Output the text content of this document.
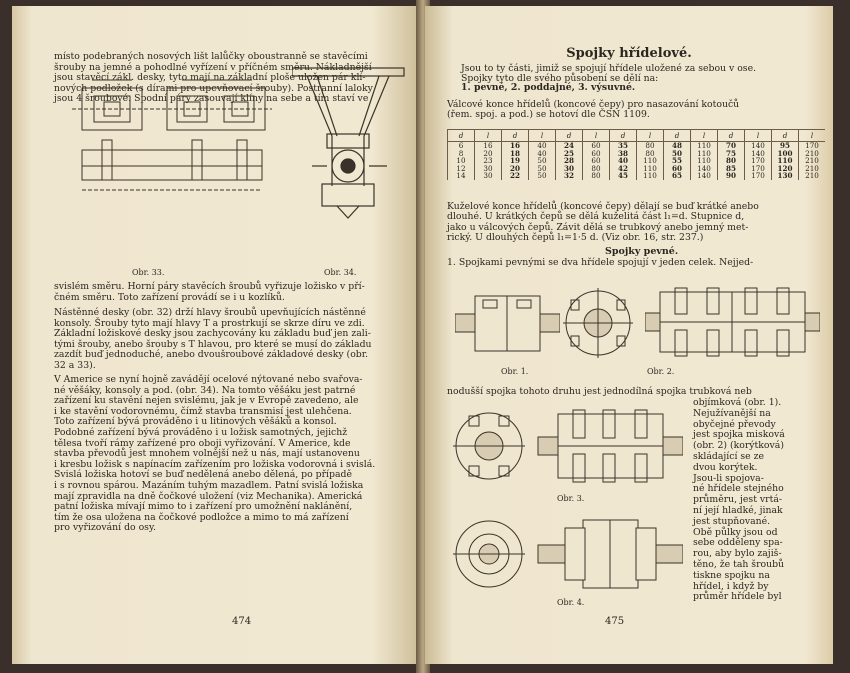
místo podebraných nosových lišt lalůčky oboustranně se stavěcími
šrouby na jemné a pohodlné vyřízení v příčném směru. Nákladnější
jsou stavěcí zákl. desky, tyto mají na základní ploše uložen pár klí-
nových podložek (s dírami pro upevňovací šrouby). Postranní laloky
jsou 4 šroubové. Spodní páry zasouvají klíny na sebe a tím staví ve
Obr. 33.	Obr. 34.
svislém směru. Horní páry stavěcích šroubů vyřizuje ložisko v pří-
čném směru. Toto zařízení provádí se i u kozlíků.
Nástěnné desky (obr. 32) drží hlavy šroubů upevňujících nástěnné
konsoly. Šrouby tyto mají hlavy T a prostrkují se skrze díru ve zdi.
Základní ložiskové desky jsou zachycovány ku základu buď jen zali-
tými šrouby, anebo šrouby s T hlavou, pro které se musí do základu
zazdít buď jednoduché, anebo dvoušroubové základové desky (obr.
32 a 33).
V Americe se nyní hojně zavádějí ocelové nýtované nebo svařova-
né věšáky, konsoly a pod. (obr. 34). Na tomto věšáku jest patrné
zařízení ku stavění nejen svislému, jak je v Evropě zavedeno, ale
i ke stavění vodorovnému, čímž stavba transmisí jest ulehčena.
Toto zařízení bývá prováděno i u litinových věšáků a konsol.
Podobné zařízení bývá prováděno i u ložisk samotných, jejichž
tělesa tvoří rámy zařízené pro oboji vyřizování. V Americe, kde
stavba převodů jest mnohem volnější než u nás, mají ustanovenu
i kresbu ložisk s napínacím zařízením pro ložiska vodorovná i svislá.
Svislá ložiska hotoví se buď nedělená anebo dělená, po případě
i s rovnou spárou. Mazáním tuhým mazadlem. Patní svislá ložiska
mají zpravidla na dně čočkové uložení (viz Mechanika). Americká
patní ložiska mívají mimo to i zařízení pro umožnění naklánění,
tím že osa uložena na čočkové podložce a mimo to má zařízení
pro vyřizování do osy.
474
Spojky hřídelové.
Jsou to ty části, jimiž se spojují hřídele uložené za sebou v ose.
Spojky tyto dle svého působení se dělí na:
1. pevné, 2. poddajné, 3. výsuvné.
Válcové konce hřídelů (koncové čepy) pro nasazování kotoučů
(řem. spoj. a pod.) se hotoví dle ČSN 1109.
d	l	d	l	d	l	d	l	d	l	d	l	d	l
6	16	16	40	24	60	35	80	48	110	70	140	95	170
8	20	18	40	25	60	38	80	50	110	75	140	100	210
10	23	19	50	28	60	40	110	55	110	80	170	110	210
12	30	20	50	30	80	42	110	60	140	85	170	120	210
14	30	22	50	32	80	45	110	65	140	90	170	130	210
Kuželové konce hřídelů (koncové čepy) dělají se buď krátké anebo
dlouhé. U krátkých čepů se dělá kuželitá část l₁=d. Stupnice d,
jako u válcových čepů. Závit dělá se trubkový anebo jemný met-
rický. U dlouhých čepů l₁=1·5 d. (Viz obr. 16, str. 237.)
Spojky pevné.
1. Spojkami pevnými se dva hřídele spojují v jeden celek. Nejjed-
Obr. 1.	Obr. 2.
nodušší spojka tohoto druhu jest jednodílná spojka trubková neb
Obr. 3.
Obr. 4.
objímková (obr. 1).
Nejužívanější na
obyčejné převody
jest spojka misková
(obr. 2) (korýtková)
skládající se ze
dvou korýtek.
Jsou-li spojova-
né hřídele stejného
průměru, jest vrtá-
ní její hladké, jinak
jest stupňované.
Obě půlky jsou od
sebe odděleny spa-
rou, aby bylo zajiš-
těno, že tah šroubů
tiskne spojku na
hřídel, i když by
průměr hřídele byl
475
